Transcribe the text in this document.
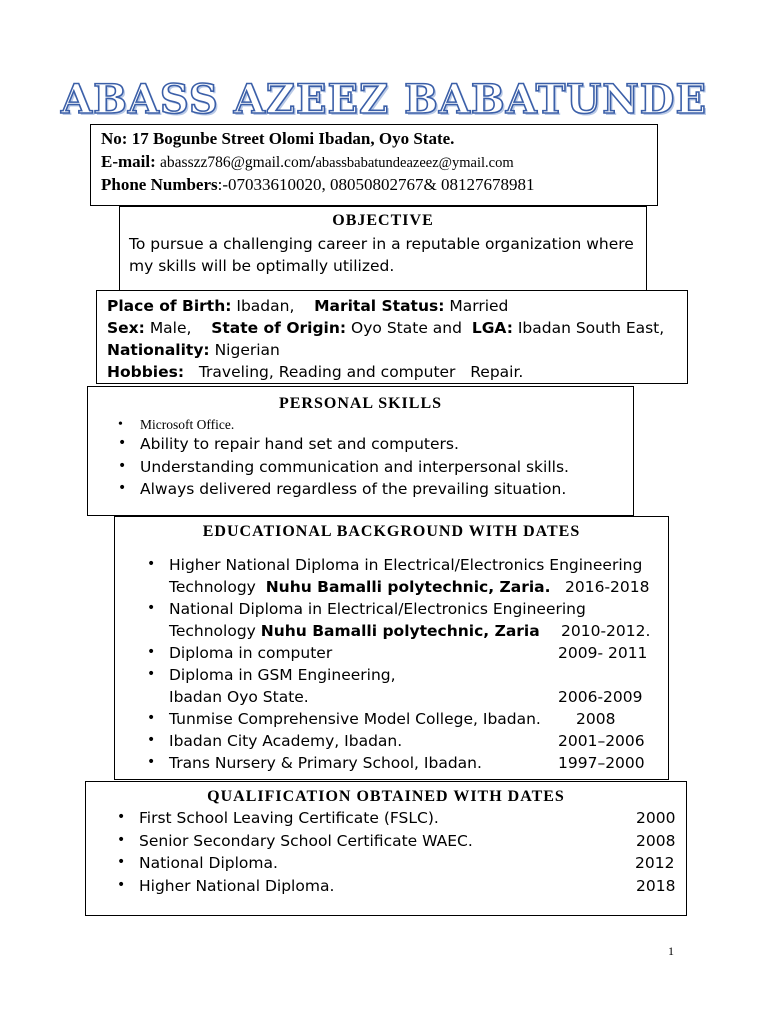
ABASS AZEEZ BABATUNDE
No: 17 Bogunbe Street Olomi Ibadan, Oyo State.
E-mail: abasszz786@gmail.com/abassbabatundeazeez@ymail.com
Phone Numbers:-07033610020, 08050802767& 08127678981
OBJECTIVE
To pursue a challenging career in a reputable organization where
my skills will be optimally utilized.
Place of Birth: Ibadan, Marital Status: Married
Sex: Male, State of Origin: Oyo State and LGA: Ibadan South East,
Nationality: Nigerian
Hobbies: Traveling, Reading and computer   Repair.
PERSONAL SKILLS
• Microsoft Office.
• Ability to repair hand set and computers.
• Understanding communication and interpersonal skills.
• Always delivered regardless of the prevailing situation.
EDUCATIONAL BACKGROUND WITH DATES
• Higher National Diploma in Electrical/Electronics Engineering
Technology Nuhu Bamalli polytechnic, Zaria. 2016-2018
• National Diploma in Electrical/Electronics Engineering
Technology Nuhu Bamalli polytechnic, Zaria 2010-2012.
• Diploma in computer	2009- 2011
• Diploma in GSM Engineering,
Ibadan Oyo State.	2006-2009
• Tunmise Comprehensive Model College, Ibadan. 2008
• Ibadan City Academy, Ibadan.	2001–2006
• Trans Nursery & Primary School, Ibadan.	1997–2000
QUALIFICATION OBTAINED WITH DATES
• First School Leaving Certificate (FSLC).	2000
• Senior Secondary School Certificate WAEC.	2008
• National Diploma.	2012
• Higher National Diploma.	2018
1
